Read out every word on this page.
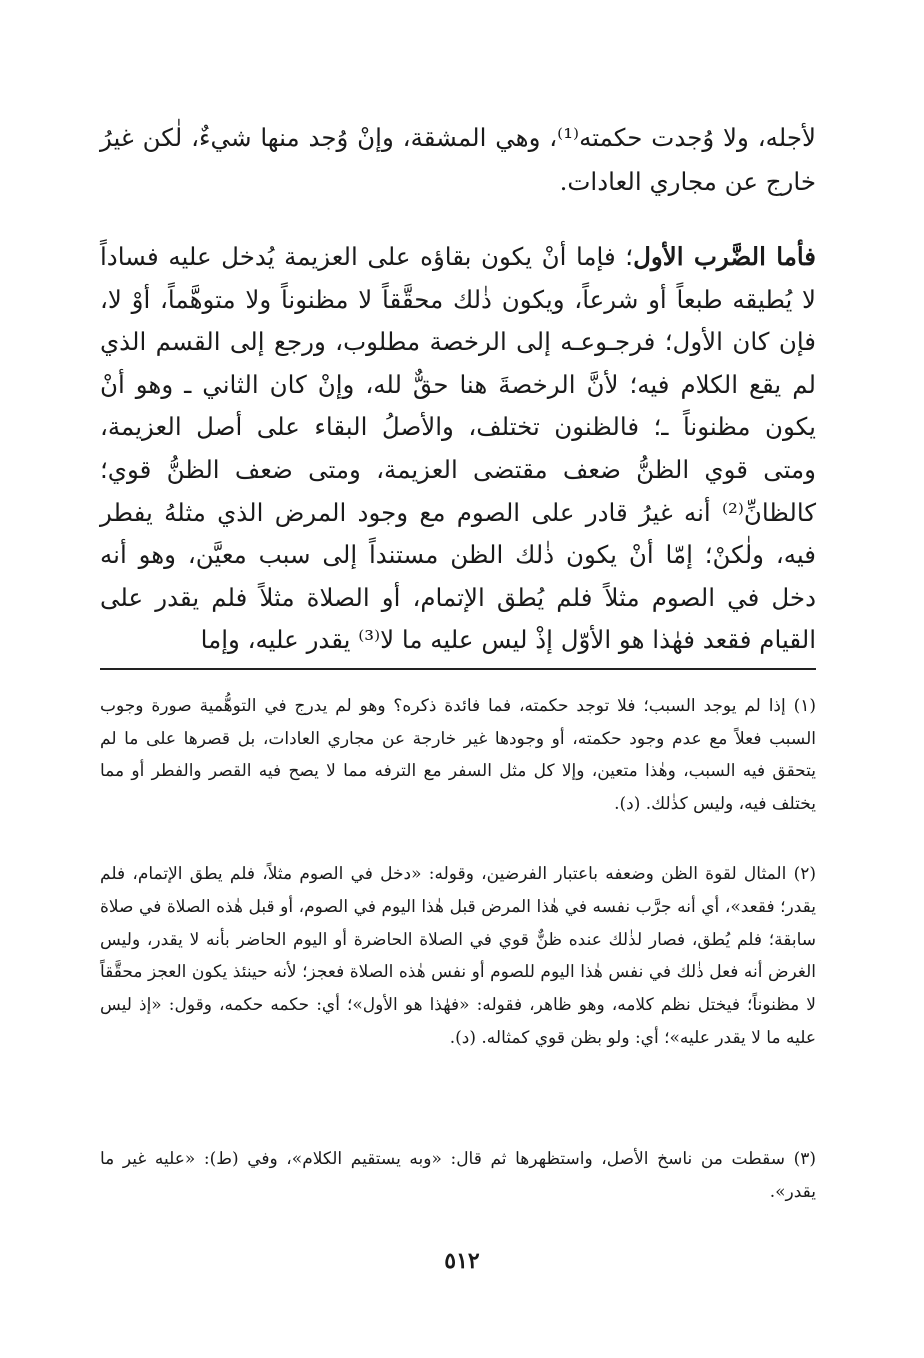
لأجله، ولا وُجدت حكمته⁽¹⁾، وهي المشقة، وإنْ وُجد منها شيءٌ، لٰكن غيرُ خارج عن مجاري العادات.
فأما الضَّرب الأول؛ فإما أنْ يكون بقاؤه على العزيمة يُدخل عليه فساداً لا يُطيقه طبعاً أو شرعاً، ويكون ذٰلك محقَّقاً لا مظنوناً ولا متوهَّماً، أوْ لا، فإن كان الأول؛ فرجـوعـه إلى الرخصة مطلوب، ورجع إلى القسم الذي لم يقع الكلام فيه؛ لأنَّ الرخصةَ هنا حقٌّ لله، وإنْ كان الثاني ـ وهو أنْ يكون مظنوناً ـ؛ فالظنون تختلف، والأصلُ البقاء على أصل العزيمة، ومتى قوي الظنُّ ضعف مقتضى العزيمة، ومتى ضعف الظنُّ قوي؛ كالظانِّ⁽²⁾ أنه غيرُ قادر على الصوم مع وجود المرض الذي مثلهُ يفطر فيه، ولٰكنْ؛ إمّا أنْ يكون ذٰلك الظن مستنداً إلى سبب معيَّن، وهو أنه دخل في الصوم مثلاً فلم يُطق الإتمام، أو الصلاة مثلاً فلم يقدر على القيام فقعد فهٰذا هو الأوّل إذْ ليس عليه ما لا⁽³⁾ يقدر عليه، وإما
(١) إذا لم يوجد السبب؛ فلا توجد حكمته، فما فائدة ذكره؟ وهو لم يدرج في التوهُّمية صورة وجوب السبب فعلاً مع عدم وجود حكمته، أو وجودها غير خارجة عن مجاري العادات، بل قصرها على ما لم يتحقق فيه السبب، وهٰذا متعين، وإلا كل مثل السفر مع الترفه مما لا يصح فيه القصر والفطر أو مما يختلف فيه، وليس كذٰلك. (د).
(٢) المثال لقوة الظن وضعفه باعتبار الفرضين، وقوله: «دخل في الصوم مثلاً، فلم يطق الإتمام، فلم يقدر؛ فقعد»، أي أنه جرَّب نفسه في هٰذا المرض قبل هٰذا اليوم في الصوم، أو قبل هٰذه الصلاة في صلاة سابقة؛ فلم يُطق، فصار لذٰلك عنده ظنٌّ قوي في الصلاة الحاضرة أو اليوم الحاضر بأنه لا يقدر، وليس الغرض أنه فعل ذٰلك في نفس هٰذا اليوم للصوم أو نفس هٰذه الصلاة فعجز؛ لأنه حينئذ يكون العجز محقَّقاً لا مظنوناً؛ فيختل نظم كلامه، وهو ظاهر، فقوله: «فهٰذا هو الأول»؛ أي: حكمه حكمه، وقول: «إذ ليس عليه ما لا يقدر عليه»؛ أي: ولو بظن قوي كمثاله. (د).
(٣) سقطت من ناسخ الأصل، واستظهرها ثم قال: «وبه يستقيم الكلام»، وفي (ط): «عليه غير ما يقدر».
٥١٢
